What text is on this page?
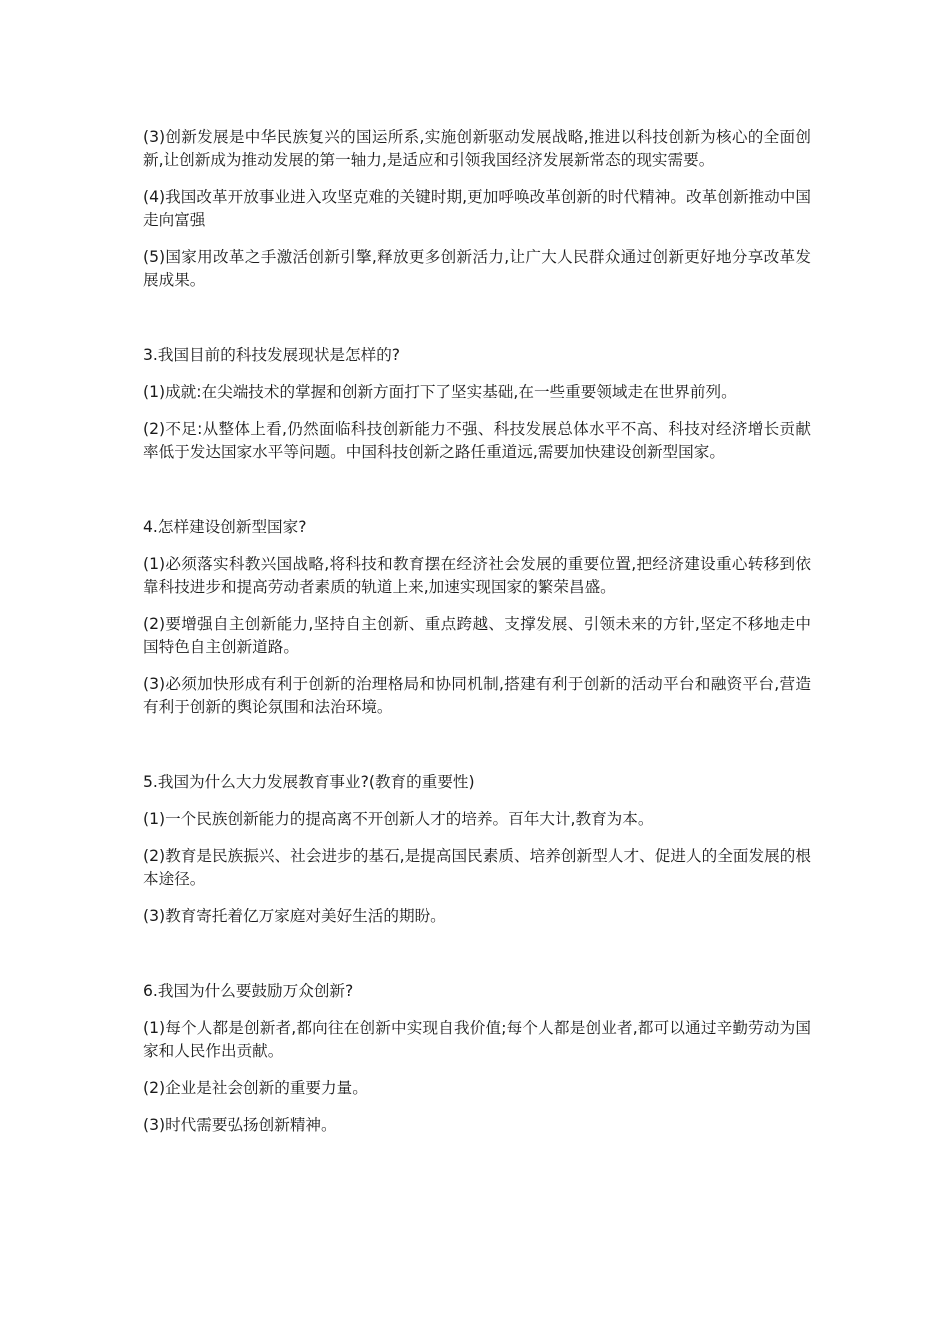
(3)创新发展是中华民族复兴的国运所系,实施创新驱动发展战略,推进以科技创新为核心的全面创新,让创新成为推动发展的第一轴力,是适应和引领我国经济发展新常态的现实需要。

(4)我国改革开放事业进入攻坚克难的关键时期,更加呼唤改革创新的时代精神。改革创新推动中国走向富强

(5)国家用改革之手激活创新引擎,释放更多创新活力,让广大人民群众通过创新更好地分享改革发展成果。

3.我国目前的科技发展现状是怎样的?

(1)成就:在尖端技术的掌握和创新方面打下了坚实基础,在一些重要领域走在世界前列。

(2)不足:从整体上看,仍然面临科技创新能力不强、科技发展总体水平不高、科技对经济增长贡献率低于发达国家水平等问题。中国科技创新之路任重道远,需要加快建设创新型国家。

4.怎样建设创新型国家?

(1)必须落实科教兴国战略,将科技和教育摆在经济社会发展的重要位置,把经济建设重心转移到依靠科技进步和提高劳动者素质的轨道上来,加速实现国家的繁荣昌盛。

(2)要增强自主创新能力,坚持自主创新、重点跨越、支撑发展、引领未来的方针,坚定不移地走中国特色自主创新道路。

(3)必须加快形成有利于创新的治理格局和协同机制,搭建有利于创新的活动平台和融资平台,营造有利于创新的舆论氛围和法治环境。

5.我国为什么大力发展教育事业?(教育的重要性)

(1)一个民族创新能力的提高离不开创新人才的培养。百年大计,教育为本。

(2)教育是民族振兴、社会进步的基石,是提高国民素质、培养创新型人才、促进人的全面发展的根本途径。

(3)教育寄托着亿万家庭对美好生活的期盼。

6.我国为什么要鼓励万众创新?

(1)每个人都是创新者,都向往在创新中实现自我价值;每个人都是创业者,都可以通过辛勤劳动为国家和人民作出贡献。

(2)企业是社会创新的重要力量。

(3)时代需要弘扬创新精神。
